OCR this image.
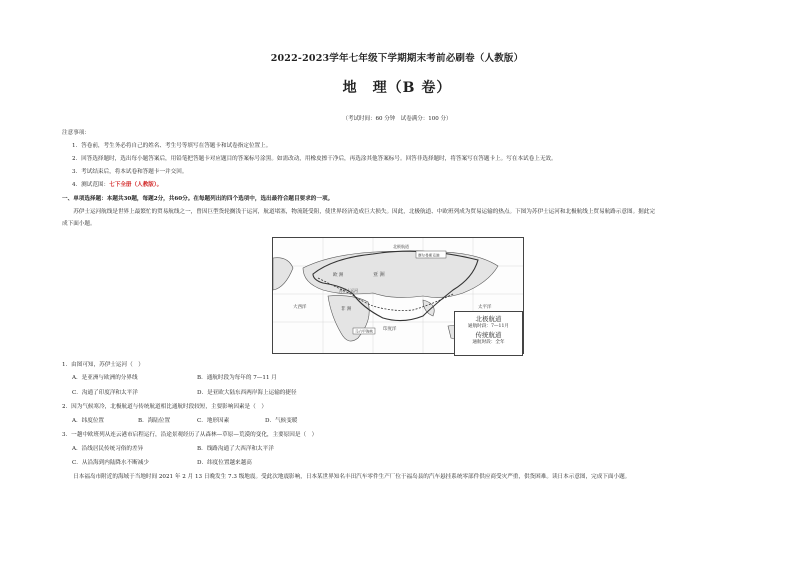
2022-2023学年七年级下学期期末考前必刷卷（人教版）
地　理（B 卷）
（考试时间：60 分钟　试卷满分：100 分）
注意事项：
1．答卷前，考生务必将自己的姓名、考生号等填写在答题卡和试卷指定位置上。
2．回答选择题时，选出每小题答案后，用铅笔把答题卡对应题目的答案标号涂黑。如需改动，用橡皮擦干净后，再选涂其他答案标号。回答非选择题时，将答案写在答题卡上。写在本试卷上无效。
3．考试结束后，将本试卷和答题卡一并交回。
4．测试范围：七下全册（人教版）。
一、单项选择题：本题共30题，每题2分，共60分。在每题列出的四个选项中，选出最符合题目要求的一项。
　　苏伊士运河航线是世界上最繁忙的贸易航线之一，曾因巨型货轮搁浅于运河，航道堵塞，物流链受阻，使世界经济造成巨大损失。因此，北极航道、中欧班列成为贸易运输的热点。下图为苏伊士运河和北极航线上贸易航路示意图。据此完
成下面小题。
亚 洲
欧 洲
非 洲
大西洋	太平洋
印度洋
苏伊士运河
北极航道
摩尔曼斯克港
马六甲海峡
北极航道
通航时段：7—11月
传统航道
通航时段：全年
1．由图可知，苏伊士运河（　）
A．是亚洲与欧洲的分界线	B．通航时段为每年的 7—11 月
C．沟通了印度洋和太平洋	D．是亚欧大陆东西两岸海上运输的捷径
2．因为气候寒冷，北极航道与传统航道相比通航时段较短，主要影响因素是（　）
A．纬度位置	B．海陆位置	C．地形因素	D．气候变暖
3．一趟中欧班列从连云港市启程运行，沿途景观经历了从森林—草原—荒漠的变化，主要原因是（　）
A．沿线居民传统习俗的差异	B．线路沟通了大西洋和太平洋
C．从沿海到内陆降水不断减少	D．纬度位置越来越高
　　日本福岛市附近的海域于当地时间 2021 年 2 月 13 日晚发生 7.3 级地震。受此次地震影响，日本某世界知名丰田汽车零件生产厂位于福岛县的汽车悬挂系统零部件供应商受灾严重，供货困难。读日本示意图，完成下面小题。
